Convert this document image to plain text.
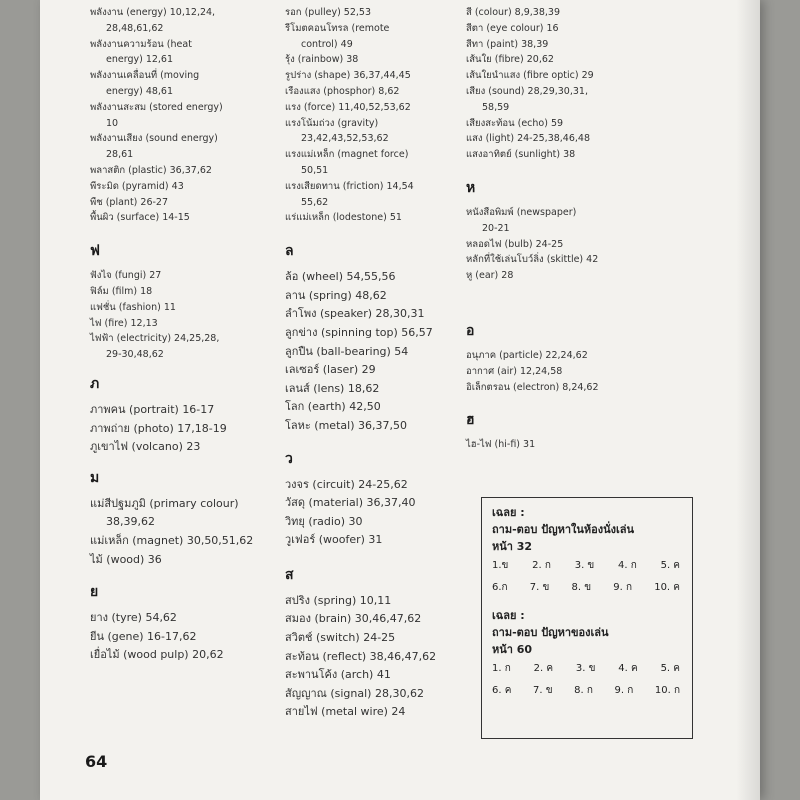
พลังงาน (energy) 10,12,24,
28,48,61,62
พลังงานความร้อน (heat
energy) 12,61
พลังงานเคลื่อนที่ (moving
energy) 48,61
พลังงานสะสม (stored energy)
10
พลังงานเสียง (sound energy)
28,61
พลาสติก (plastic) 36,37,62
พีระมิด (pyramid) 43
พืช (plant) 26-27
พื้นผิว (surface) 14-15
ฟ
ฟังไจ (fungi) 27
ฟิล์ม (film) 18
แฟชั่น (fashion) 11
ไฟ (fire) 12,13
ไฟฟ้า (electricity) 24,25,28,
29-30,48,62
ภ
ภาพคน (portrait) 16-17
ภาพถ่าย (photo) 17,18-19
ภูเขาไฟ (volcano) 23
ม
แม่สีปฐมภูมิ (primary colour)
38,39,62
แม่เหล็ก (magnet) 30,50,51,62
ไม้ (wood) 36
ย
ยาง (tyre) 54,62
ยีน (gene) 16-17,62
เยื่อไม้ (wood pulp) 20,62
รอก (pulley) 52,53
รีโมตคอนโทรล (remote
control) 49
รุ้ง (rainbow) 38
รูปร่าง (shape) 36,37,44,45
เรืองแสง (phosphor) 8,62
แรง (force) 11,40,52,53,62
แรงโน้มถ่วง (gravity)
23,42,43,52,53,62
แรงแม่เหล็ก (magnet force)
50,51
แรงเสียดทาน (friction) 14,54
55,62
แร่แม่เหล็ก (lodestone) 51
ล
ล้อ (wheel) 54,55,56
ลาน (spring) 48,62
ลำโพง (speaker) 28,30,31
ลูกข่าง (spinning top) 56,57
ลูกปืน (ball-bearing) 54
เลเซอร์ (laser) 29
เลนส์ (lens) 18,62
โลก (earth) 42,50
โลหะ (metal) 36,37,50
ว
วงจร (circuit) 24-25,62
วัสดุ (material) 36,37,40
วิทยุ (radio) 30
วูเฟอร์ (woofer) 31
ส
สปริง (spring) 10,11
สมอง (brain) 30,46,47,62
สวิตช์ (switch) 24-25
สะท้อน (reflect) 38,46,47,62
สะพานโค้ง (arch) 41
สัญญาณ (signal) 28,30,62
สายไฟ (metal wire) 24
สี (colour) 8,9,38,39
สีตา (eye colour) 16
สีทา (paint) 38,39
เส้นใย (fibre) 20,62
เส้นใยนำแสง (fibre optic) 29
เสียง (sound) 28,29,30,31,
58,59
เสียงสะท้อน (echo) 59
แสง (light) 24-25,38,46,48
แสงอาทิตย์ (sunlight) 38
ห
หนังสือพิมพ์ (newspaper)
20-21
หลอดไฟ (bulb) 24-25
หลักที่ใช้เล่นโบว์ลิ่ง (skittle) 42
หู (ear) 28
อ
อนุภาค (particle) 22,24,62
อากาศ (air) 12,24,58
อิเล็กตรอน (electron) 8,24,62
ฮ
ไฮ-ไฟ (hi-fi) 31
เฉลย :
ถาม-ตอบ ปัญหาในห้องนั่งเล่น
หน้า 32
1.ข 2. ก 3. ข 4. ก 5. ค
6.ก 7. ข 8. ข 9. ก 10. ค
เฉลย :
ถาม-ตอบ ปัญหาของเล่น
หน้า 60
1. ก 2. ค 3. ข 4. ค 5. ค
6. ค 7. ข 8. ก 9. ก 10. ก
64
